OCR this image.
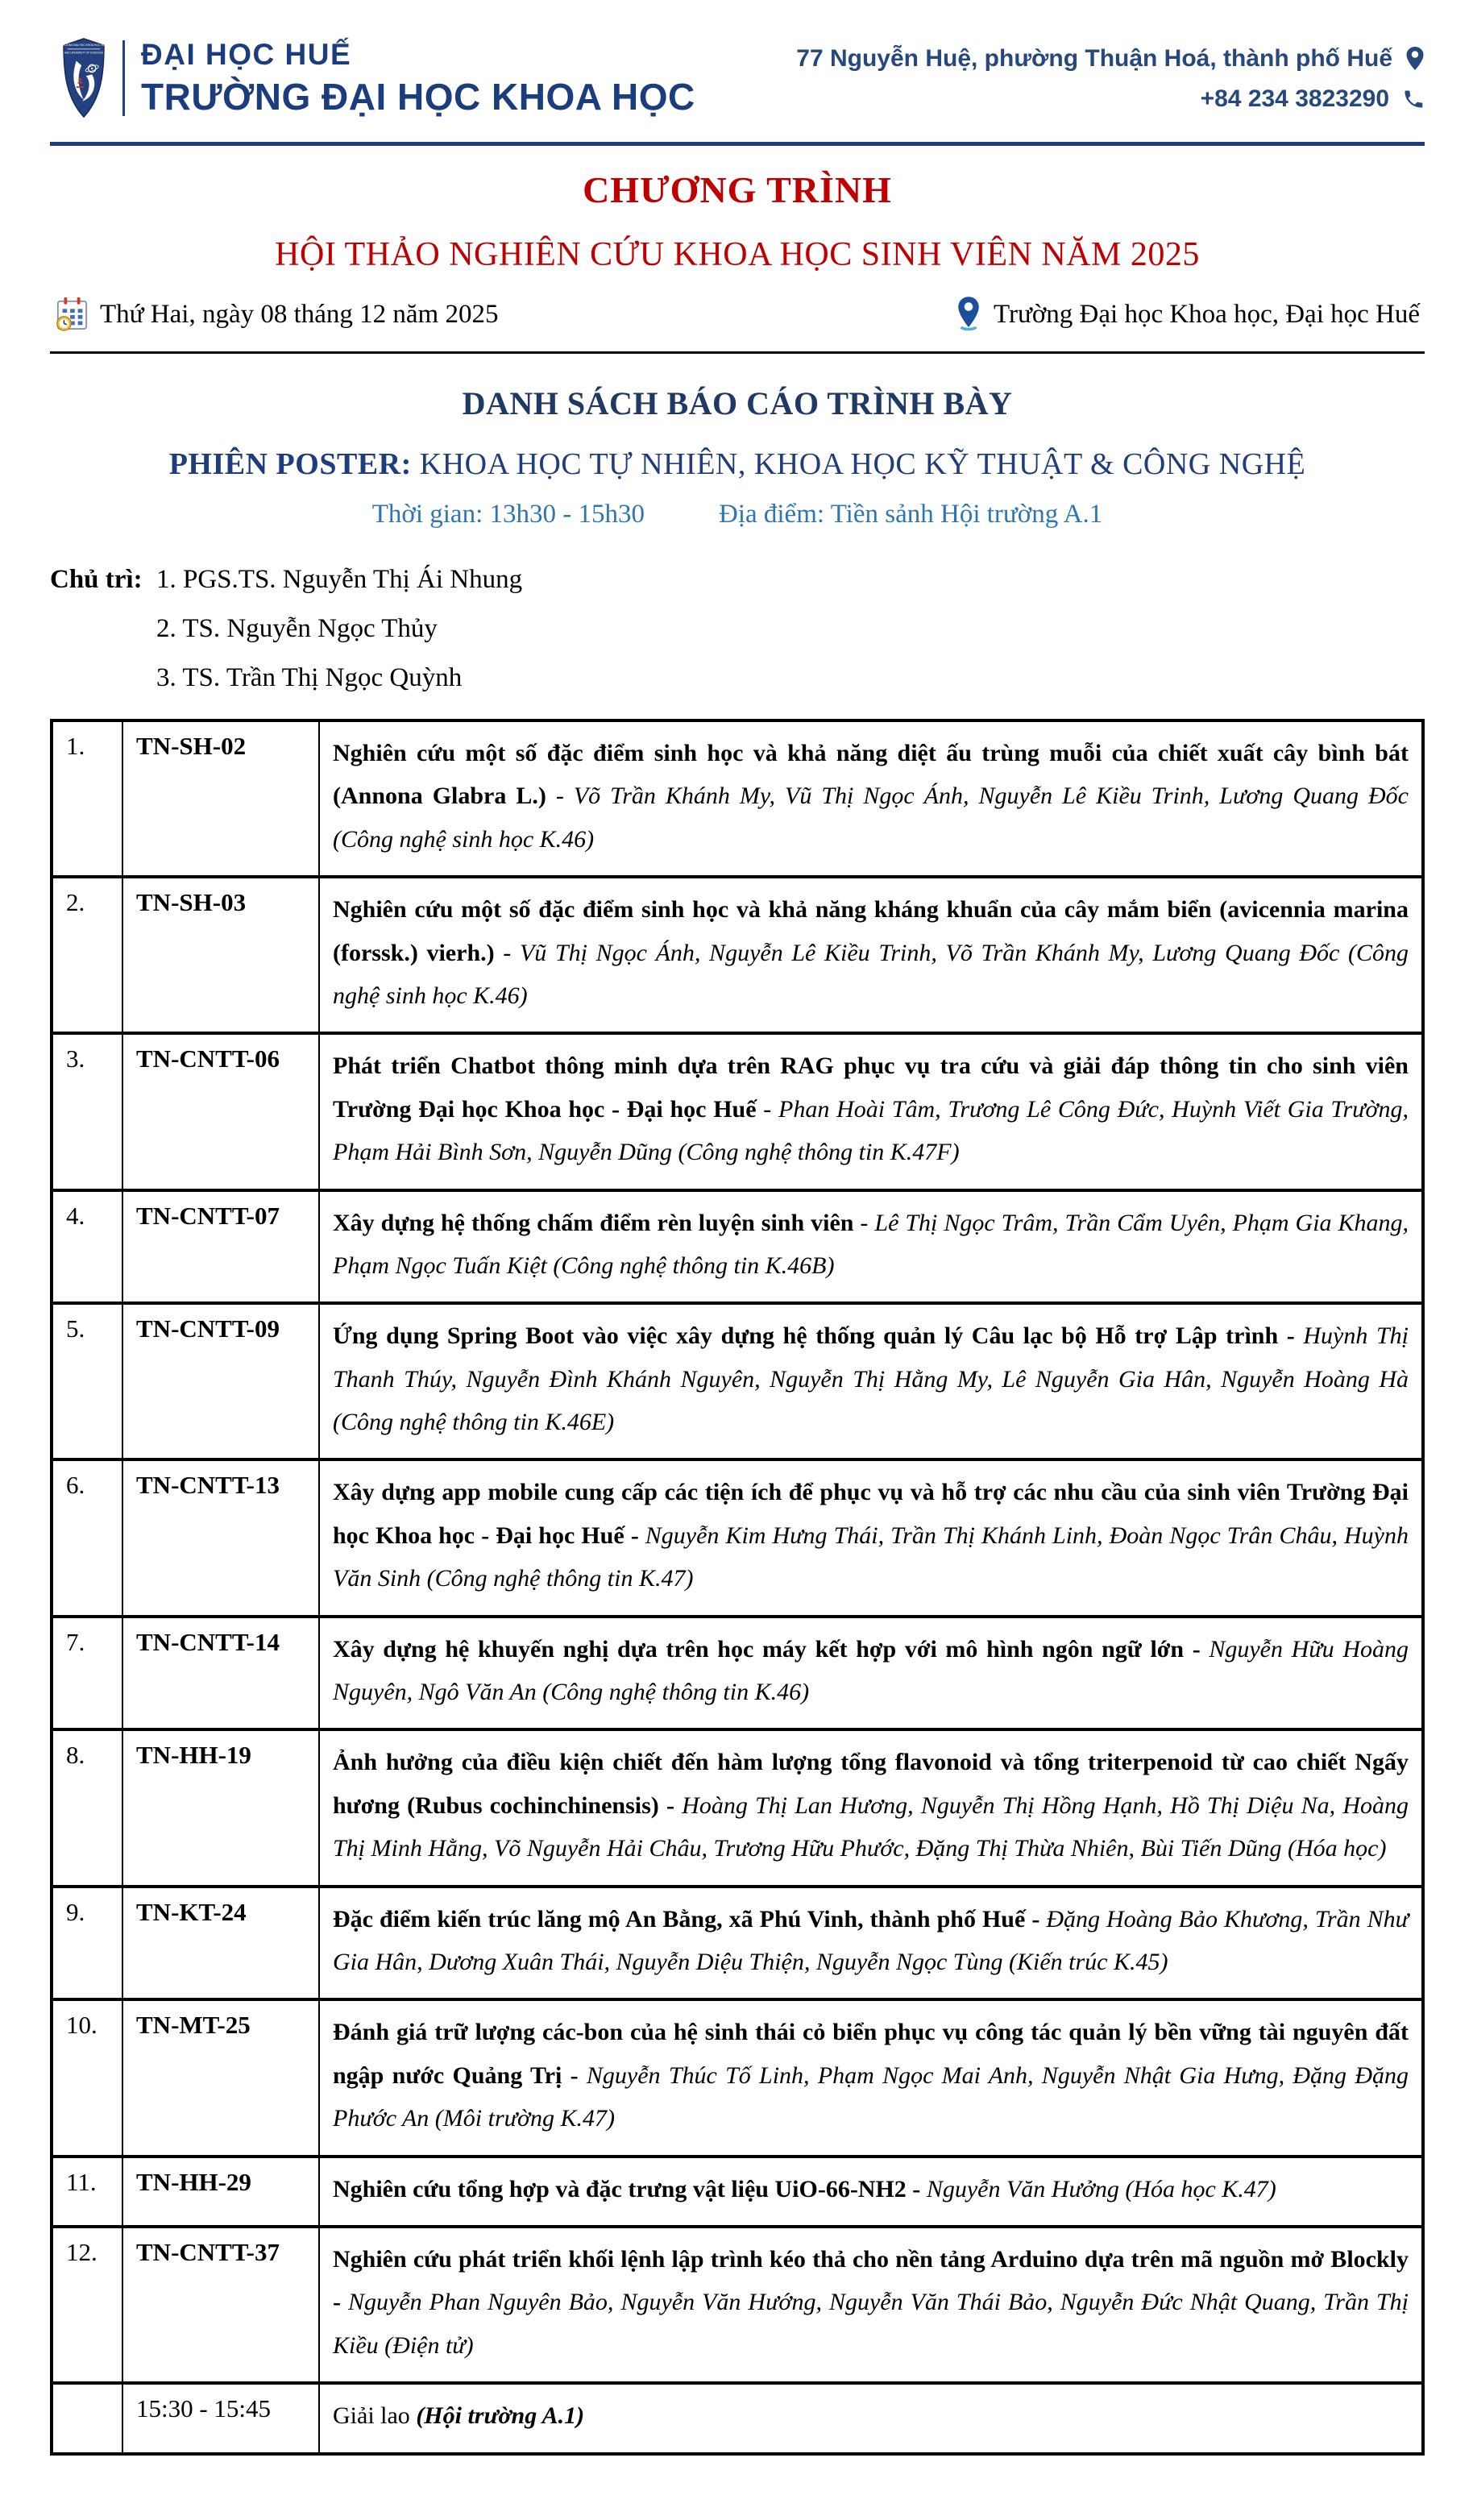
TRƯỜNG ĐẠI HỌC KHOA HỌC HUẾ
HUE UNIVERSITY OF SCIENCES ĐẠI HỌC HUẾ
TRƯỜNG ĐẠI HỌC KHOA HỌC
77 Nguyễn Huệ, phường Thuận Hoá, thành phố Huế
+84 234 3823290
CHƯƠNG TRÌNH
HỘI THẢO NGHIÊN CỨU KHOA HỌC SINH VIÊN NĂM 2025
Thứ Hai, ngày 08 tháng 12 năm 2025	Trường Đại học Khoa học, Đại học Huế
DANH SÁCH BÁO CÁO TRÌNH BÀY
PHIÊN POSTER: KHOA HỌC TỰ NHIÊN, KHOA HỌC KỸ THUẬT & CÔNG NGHỆ
Thời gian: 13h30 - 15h30	Địa điểm: Tiền sảnh Hội trường A.1
Chủ trì: 1. PGS.TS. Nguyễn Thị Ái Nhung
2. TS. Nguyễn Ngọc Thủy
3. TS. Trần Thị Ngọc Quỳnh
1.	TN-SH-02	Nghiên cứu một số đặc điểm sinh học và khả năng diệt ấu trùng muỗi của chiết xuất cây bình bát (Annona Glabra L.) - Võ Trần Khánh My, Vũ Thị Ngọc Ánh, Nguyễn Lê Kiều Trinh, Lương Quang Đốc (Công nghệ sinh học K.46)
2.	TN-SH-03	Nghiên cứu một số đặc điểm sinh học và khả năng kháng khuẩn của cây mắm biển (avicennia marina (forssk.) vierh.) - Vũ Thị Ngọc Ánh, Nguyễn Lê Kiều Trinh, Võ Trần Khánh My, Lương Quang Đốc (Công nghệ sinh học K.46)
3.	TN-CNTT-06	Phát triển Chatbot thông minh dựa trên RAG phục vụ tra cứu và giải đáp thông tin cho sinh viên Trường Đại học Khoa học - Đại học Huế - Phan Hoài Tâm, Trương Lê Công Đức, Huỳnh Viết Gia Trường, Phạm Hải Bình Sơn, Nguyễn Dũng (Công nghệ thông tin K.47F)
4.	TN-CNTT-07	Xây dựng hệ thống chấm điểm rèn luyện sinh viên - Lê Thị Ngọc Trâm, Trần Cẩm Uyên, Phạm Gia Khang, Phạm Ngọc Tuấn Kiệt (Công nghệ thông tin K.46B)
5.	TN-CNTT-09	Ứng dụng Spring Boot vào việc xây dựng hệ thống quản lý Câu lạc bộ Hỗ trợ Lập trình - Huỳnh Thị Thanh Thúy, Nguyễn Đình Khánh Nguyên, Nguyễn Thị Hằng My, Lê Nguyễn Gia Hân, Nguyễn Hoàng Hà (Công nghệ thông tin K.46E)
6.	TN-CNTT-13	Xây dựng app mobile cung cấp các tiện ích để phục vụ và hỗ trợ các nhu cầu của sinh viên Trường Đại học Khoa học - Đại học Huế - Nguyễn Kim Hưng Thái, Trần Thị Khánh Linh, Đoàn Ngọc Trân Châu, Huỳnh Văn Sinh (Công nghệ thông tin K.47)
7.	TN-CNTT-14	Xây dựng hệ khuyến nghị dựa trên học máy kết hợp với mô hình ngôn ngữ lớn - Nguyễn Hữu Hoàng Nguyên, Ngô Văn An (Công nghệ thông tin K.46)
8.	TN-HH-19	Ảnh hưởng của điều kiện chiết đến hàm lượng tổng flavonoid và tổng triterpenoid từ cao chiết Ngấy hương (Rubus cochinchinensis) - Hoàng Thị Lan Hương, Nguyễn Thị Hồng Hạnh, Hồ Thị Diệu Na, Hoàng Thị Minh Hằng, Võ Nguyễn Hải Châu, Trương Hữu Phước, Đặng Thị Thừa Nhiên, Bùi Tiến Dũng (Hóa học)
9.	TN-KT-24	Đặc điểm kiến trúc lăng mộ An Bằng, xã Phú Vinh, thành phố Huế - Đặng Hoàng Bảo Khương, Trần Như Gia Hân, Dương Xuân Thái, Nguyễn Diệu Thiện, Nguyễn Ngọc Tùng (Kiến trúc K.45)
10.	TN-MT-25	Đánh giá trữ lượng các-bon của hệ sinh thái cỏ biển phục vụ công tác quản lý bền vững tài nguyên đất ngập nước Quảng Trị - Nguyễn Thúc Tố Linh, Phạm Ngọc Mai Anh, Nguyễn Nhật Gia Hưng, Đặng Đặng Phước An (Môi trường K.47)
11.	TN-HH-29	Nghiên cứu tổng hợp và đặc trưng vật liệu UiO-66-NH2 - Nguyễn Văn Hưởng (Hóa học K.47)
12.	TN-CNTT-37	Nghiên cứu phát triển khối lệnh lập trình kéo thả cho nền tảng Arduino dựa trên mã nguồn mở Blockly - Nguyễn Phan Nguyên Bảo, Nguyễn Văn Hướng, Nguyễn Văn Thái Bảo, Nguyễn Đức Nhật Quang, Trần Thị Kiều (Điện tử)
	15:30 - 15:45	Giải lao (Hội trường A.1)
